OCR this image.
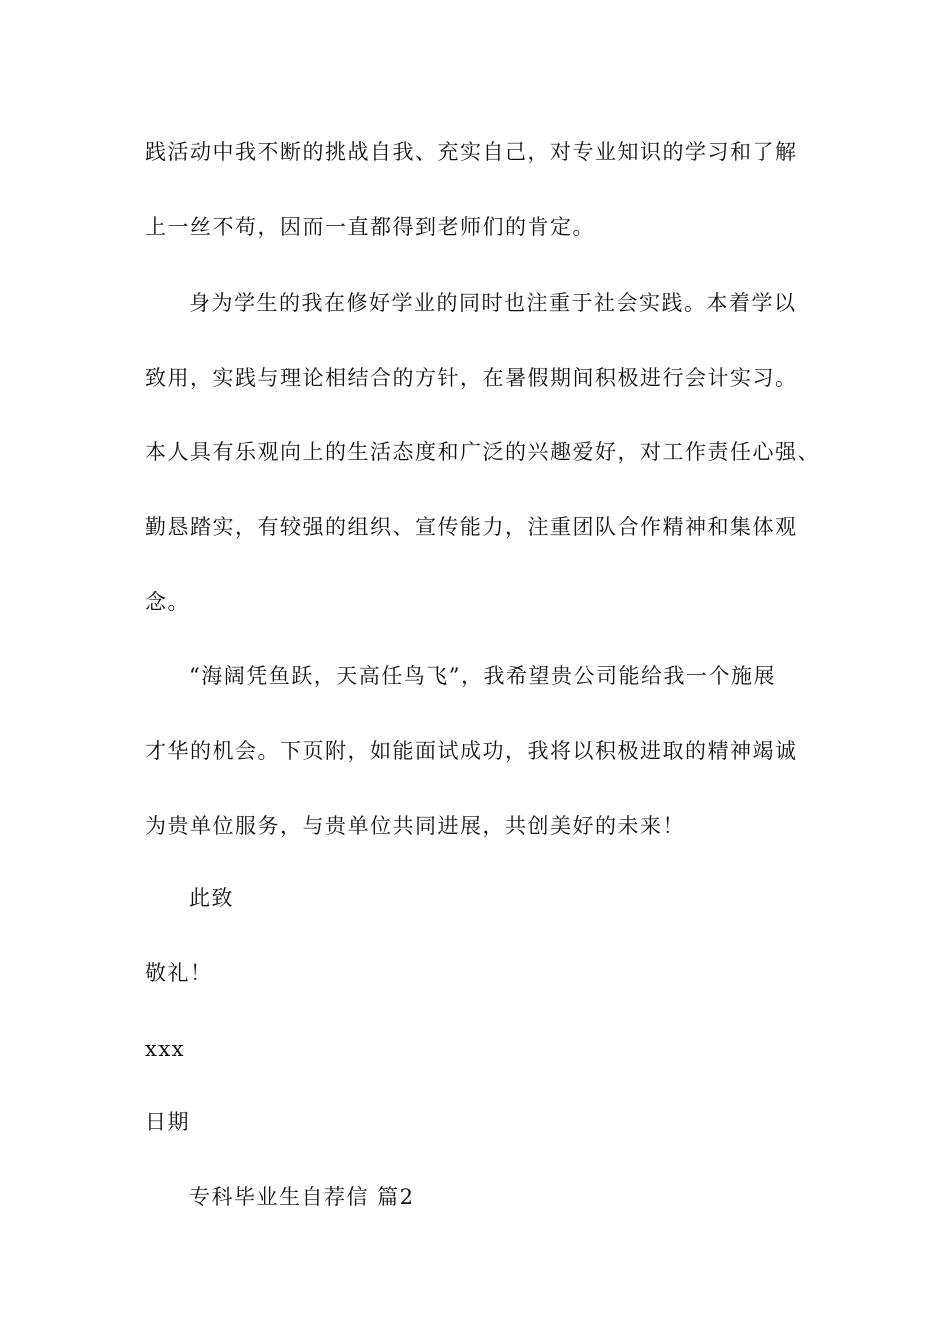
践活动中我不断的挑战自我、充实自己，对专业知识的学习和了解
上一丝不苟，因而一直都得到老师们的肯定。
身为学生的我在修好学业的同时也注重于社会实践。本着学以
致用，实践与理论相结合的方针，在暑假期间积极进行会计实习。
本人具有乐观向上的生活态度和广泛的兴趣爱好，对工作责任心强、
勤恳踏实，有较强的组织、宣传能力，注重团队合作精神和集体观
念。
“海阔凭鱼跃，天高任鸟飞”，我希望贵公司能给我一个施展
才华的机会。下页附，如能面试成功，我将以积极进取的精神竭诚
为贵单位服务，与贵单位共同进展，共创美好的未来！
此致
敬礼！
xxx
日期
专科毕业生自荐信 篇2
